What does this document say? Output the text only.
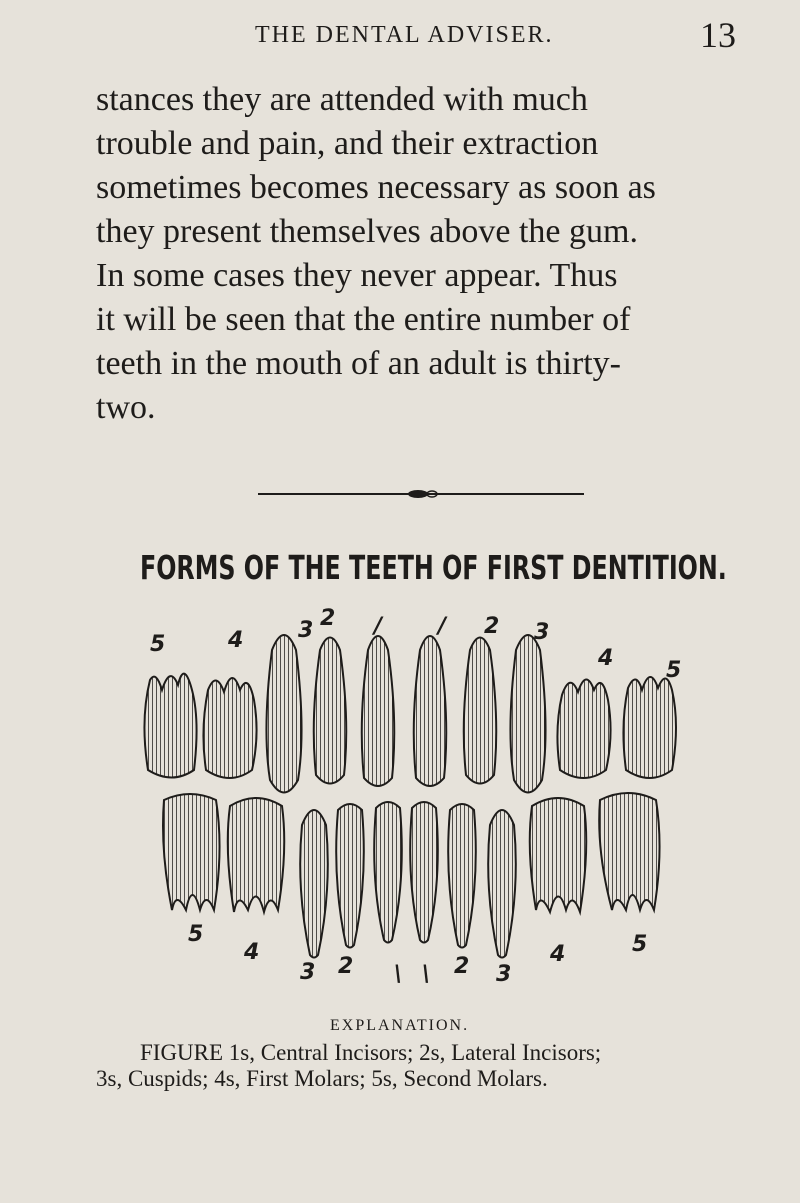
THE DENTAL ADVISER.	13
stances they are attended with much
trouble and pain, and their extraction
sometimes becomes necessary as soon as
they present themselves above the gum.
In some cases they never appear. Thus
it will be seen that the entire number of
teeth in the mouth of an adult is thirty-
two.
FORMS OF THE TEETH OF FIRST DENTITION.
5	4 3 2 /	/ 2 3
4 5
5
4
3 2 \ \ 2 3
4	5
EXPLANATION.
FIGURE 1s, Central Incisors; 2s, Lateral Incisors;
3s, Cuspids; 4s, First Molars; 5s, Second Molars.
